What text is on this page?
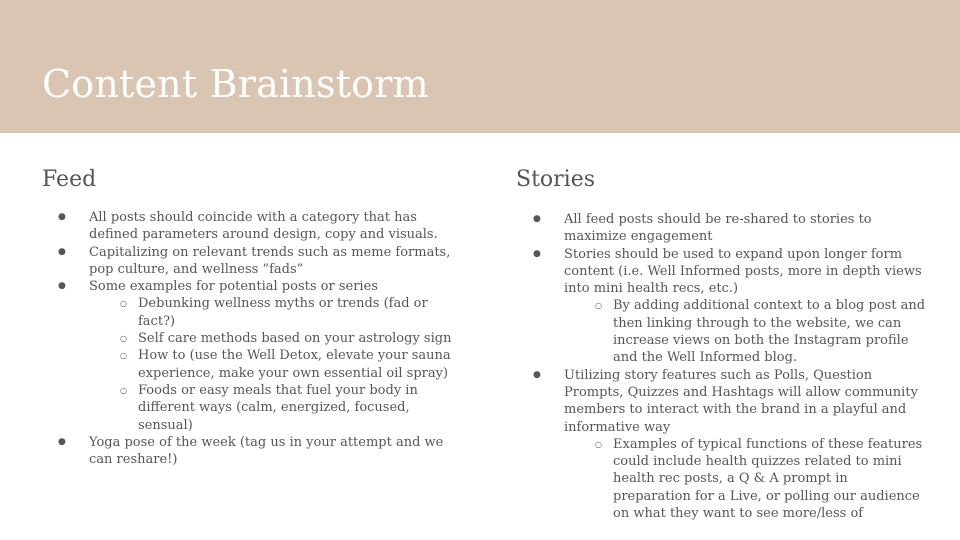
Content Brainstorm
Feed
●	All posts should coincide with a category that has defined parameters around design, copy and visuals.
●	Capitalizing on relevant trends such as meme formats, pop culture, and wellness “fads”
●	Some examples for potential posts or series
○ Debunking wellness myths or trends (fad or fact?)
○ Self care methods based on your astrology sign
○ How to (use the Well Detox, elevate your sauna experience, make your own essential oil spray)
○ Foods or easy meals that fuel your body in different ways (calm, energized, focused, sensual)
●	Yoga pose of the week (tag us in your attempt and we can reshare!)
Stories
●	All feed posts should be re-shared to stories to maximize engagement
●	Stories should be used to expand upon longer form content (i.e. Well Informed posts, more in depth views into mini health recs, etc.)
○ By adding additional context to a blog post and then linking through to the website, we can increase views on both the Instagram profile and the Well Informed blog.
●	Utilizing story features such as Polls, Question Prompts, Quizzes and Hashtags will allow community members to interact with the brand in a playful and informative way
○ Examples of typical functions of these features could include health quizzes related to mini health rec posts, a Q & A prompt in preparation for a Live, or polling our audience on what they want to see more/less of
